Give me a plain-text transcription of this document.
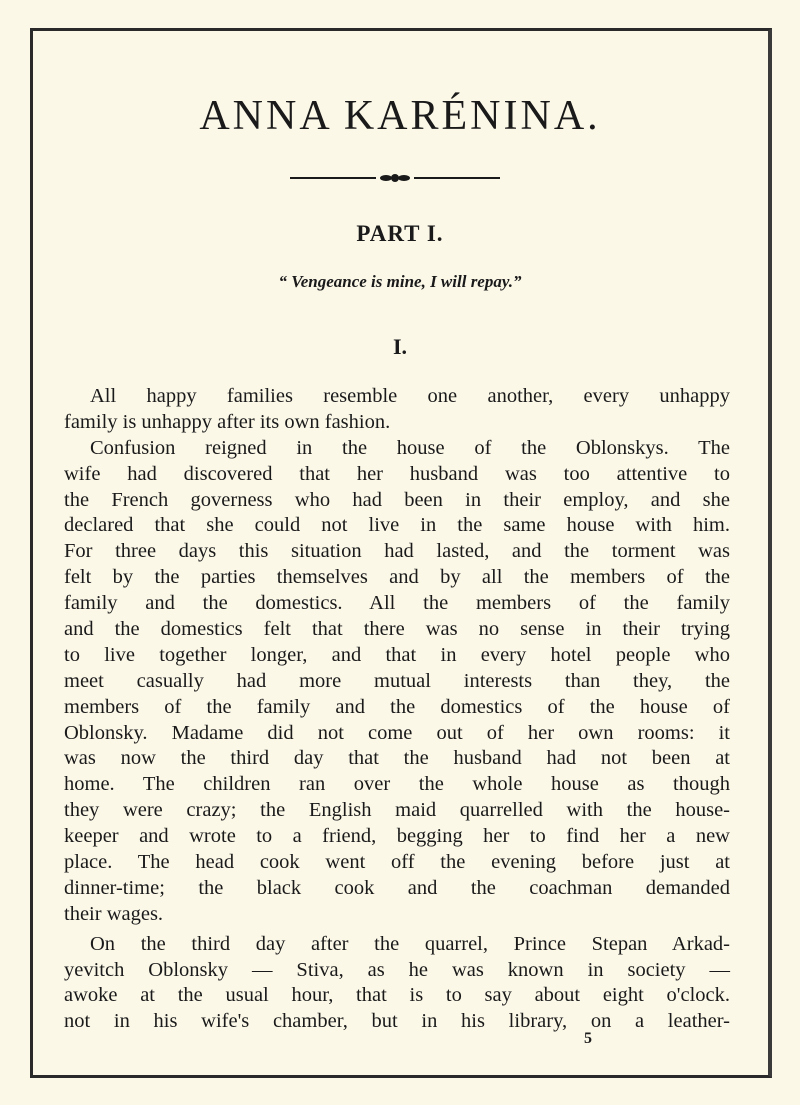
ANNA KARÉNINA.
PART I.

“ Vengeance is mine, I will repay.”

I.
All happy families resemble one another, every unhappy
family is unhappy after its own fashion.
Confusion reigned in the house of the Oblonskys. The
wife had discovered that her husband was too attentive to
the French governess who had been in their employ, and she
declared that she could not live in the same house with him.
For three days this situation had lasted, and the torment was
felt by the parties themselves and by all the members of the
family and the domestics. All the members of the family
and the domestics felt that there was no sense in their trying
to live together longer, and that in every hotel people who
meet casually had more mutual interests than they, the
members of the family and the domestics of the house of
Oblonsky. Madame did not come out of her own rooms: it
was now the third day that the husband had not been at
home. The children ran over the whole house as though
they were crazy; the English maid quarrelled with the house-
keeper and wrote to a friend, begging her to find her a new
place. The head cook went off the evening before just at
dinner-time; the black cook and the coachman demanded
their wages.
On the third day after the quarrel, Prince Stepan Arkad-
yevitch Oblonsky — Stiva, as he was known in society —
awoke at the usual hour, that is to say about eight o'clock.
not in his wife's chamber, but in his library, on a leather-

5
